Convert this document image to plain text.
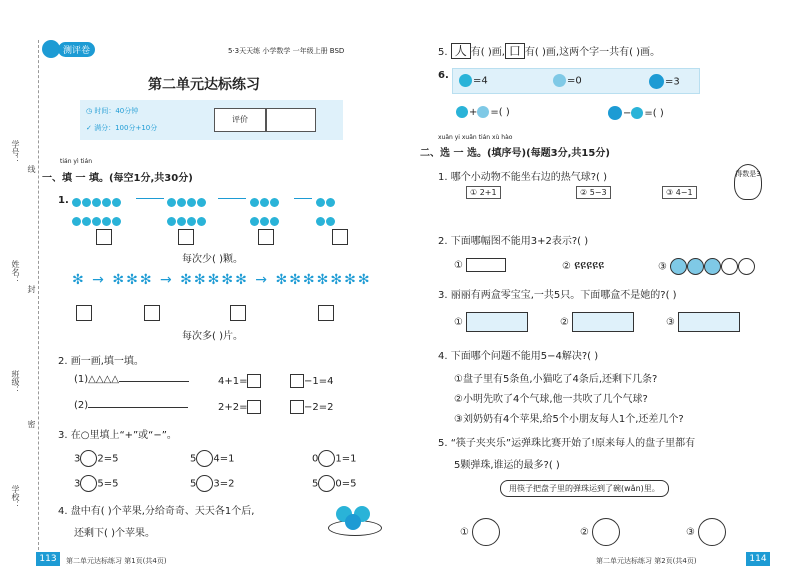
学号：
线
姓名：
封
班级：
密
学校：
测评卷	5·3天天练 小学数学 一年级上册 BSD
第二单元达标练习
◷ 时间：40分钟
✓ 满分：100分+10分
评价
tián yì tián
一、填 一 填。(每空1分,共30分)
1.

每次少( )颗。
✻ → ✻✻✻ → ✻✻✻✻✻ → ✻✻✻✻✻✻✻
每次多( )片。
2. 画一画,填一填。
(1)△△△△	4+1=	−1=4
(2)	2+2=	−2=2
3. 在○里填上“+”或“−”。
3 2=5	5 4=1	0 1=1
3 5=5	5 3=2	5 0=5
4. 盘中有( )个苹果,分给奇奇、天天各1个后,
还剩下( )个苹果。
113	第二单元达标练习 第1页(共4页)
5. 人 有( )画, 口 有( )画,这两个字一共有( )画。
6.	=4	=0	=3
+ =( )	− =( )
xuǎn yi xuǎn tián xù hào
二、选 一 选。(填序号)(每题3分,共15分)
1. 哪个小动物不能坐右边的热气球?( )
① 2+1	② 5−3	③ 4−1
得数是3
2. 下面哪幅图不能用3+2表示?( )
①	② ዩዩዩዩዩ	③
3. 丽丽有两盒零宝宝,一共5只。下面哪盒不是她的?( )
①	②	③
4. 下面哪个问题不能用5−4解决?( )
①盘子里有5条鱼,小猫吃了4条后,还剩下几条?
②小明先吹了4个气球,他一共吹了几个气球?
③刘奶奶有4个苹果,给5个小朋友每人1个,还差几个?
5. “筷子夹夹乐”运弹珠比赛开始了!原来每人的盘子里都有
5颗弹珠,谁运的最多?( )
用筷子把盘子里的弹珠运到了碗(wǎn)里。
①	②	③
第二单元达标练习 第2页(共4页)	114
